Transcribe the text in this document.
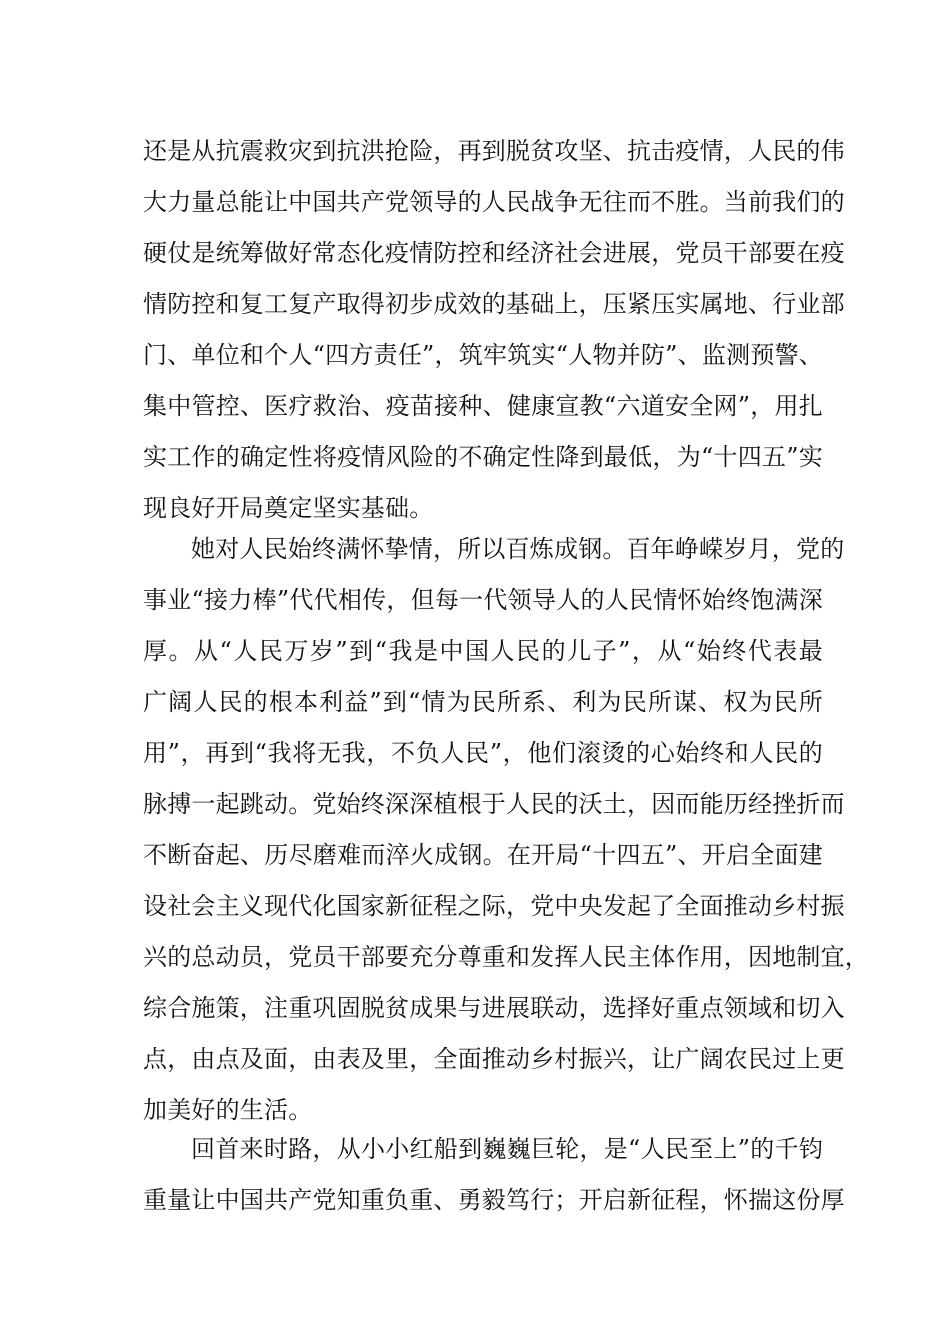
还是从抗震救灾到抗洪抢险，再到脱贫攻坚、抗击疫情，人民的伟
大力量总能让中国共产党领导的人民战争无往而不胜。当前我们的
硬仗是统筹做好常态化疫情防控和经济社会进展，党员干部要在疫
情防控和复工复产取得初步成效的基础上，压紧压实属地、行业部
门、单位和个人“四方责任”，筑牢筑实“人物并防”、监测预警、
集中管控、医疗救治、疫苗接种、健康宣教“六道安全网”，用扎
实工作的确定性将疫情风险的不确定性降到最低，为“十四五”实
现良好开局奠定坚实基础。
她对人民始终满怀挚情，所以百炼成钢。百年峥嵘岁月，党的
事业“接力棒”代代相传，但每一代领导人的人民情怀始终饱满深
厚。从“人民万岁”到“我是中国人民的儿子”，从“始终代表最
广阔人民的根本利益”到“情为民所系、利为民所谋、权为民所
用”，再到“我将无我，不负人民”，他们滚烫的心始终和人民的
脉搏一起跳动。党始终深深植根于人民的沃土，因而能历经挫折而
不断奋起、历尽磨难而淬火成钢。在开局“十四五”、开启全面建
设社会主义现代化国家新征程之际，党中央发起了全面推动乡村振
兴的总动员，党员干部要充分尊重和发挥人民主体作用，因地制宜，
综合施策，注重巩固脱贫成果与进展联动，选择好重点领域和切入
点，由点及面，由表及里，全面推动乡村振兴，让广阔农民过上更
加美好的生活。
回首来时路，从小小红船到巍巍巨轮，是“人民至上”的千钧
重量让中国共产党知重负重、勇毅笃行；开启新征程，怀揣这份厚
